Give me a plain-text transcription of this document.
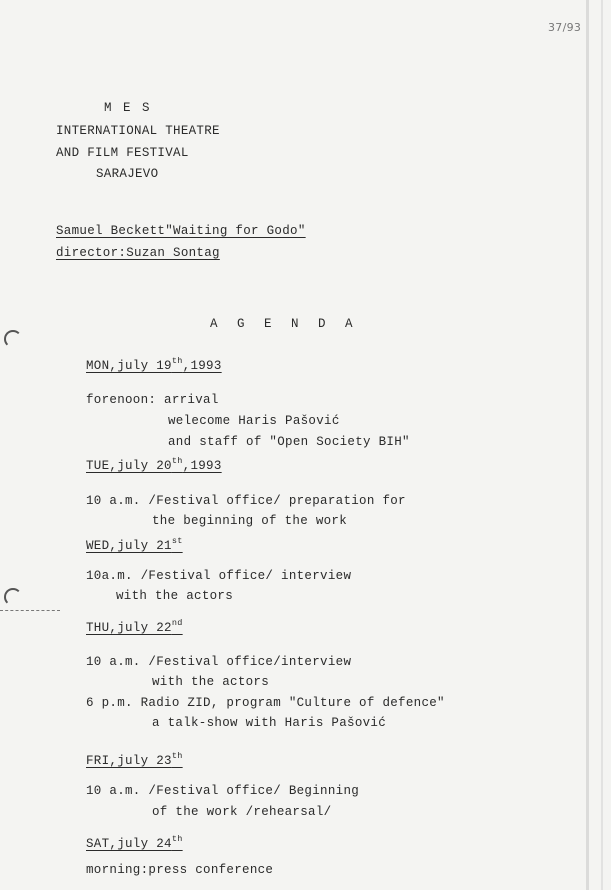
37/93
M E S
INTERNATIONAL THEATRE
AND FILM FESTIVAL
SARAJEVO
Samuel Beckett"Waiting for Godo"
director:Suzan Sontag
A G E N D A
MON,july 19th,1993
forenoon: arrival
welecome Haris Pašović
and staff of "Open Society BIH"
TUE,july 20th,1993
10 a.m. /Festival office/ preparation for
the beginning of the work
WED,july 21st
10a.m. /Festival office/ interview
with the actors
THU,july 22nd
10 a.m. /Festival office/interview
with the actors
6 p.m. Radio ZID, program "Culture of defence"
a talk-show with Haris Pašović
FRI,july 23th
10 a.m. /Festival office/ Beginning
of the work /rehearsal/
SAT,july 24th
morning:press conference
